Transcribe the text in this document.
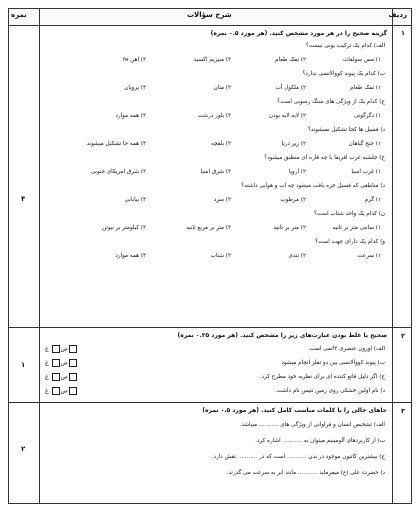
نمره	شرح سؤالات	ردیف
۱
۴
گزینه صحیح را در هر مورد مشخص کنید. (هر مورد ۰.۵ نمره)
الف) کدام یک ترکیب یونی نیست؟
۱) مس سولفات
۲) نمک طعام
۳) منیزیم اکسید
۴) اهن fe
ب) کدام یک پیوند کووالانسی ندارد؟
۱) نمک طعام
۲) ملکول آب
۳) متان
۴) پروپان
ج) کدام یک از ویژگی های سنگ رسوبی است؟
۱) دگرگونی
۲) لایه لایه بودن
۳) بلور درشت
۴) همه موارد
د) فسیل ها کجا تشکیل نمیشوند؟
۱) جنح گیاهان
۲) زیر دریا
۳) بلفچه
۴) همه جا تشکیل میشوند
ح) جلشبه غرب افریقا با چه قاره ای منطبق میشود؟
۱) غرب اسیا
۲) اروپا
۳) شرق اسیا
۴) شرق امریکای جنوبی
د) مناطقی که فسیل خره بافت میشود چه اب و هوایی داشته؟
۱) گرم
۲) مرطوب
۳) سرد
۴) بیابانی
ن) کدام یک واحد شتاب است؟
۱) سانتی متر بر ثانیه
۲) متر بر ثانیه
۳) متر بر مربع ثانیه
۴) کیلومتر بر نیوتن
و) کدام یک دارای جهت است؟
۱) سرعت
۲) تندی
۳) شتاب
۴) همه موارد
۲
۱
صحیح یا غلط بودن عبارت‌های زیر را مشخص کنید. (هر مورد ۰.۲۵ نمره)
الف) اوزون عنصری ۳اتمی است.
ص غ
ب) پیوند کووالانسی بین دو تفلز انجام میشود
ص غ
ج) اگر دلیل قانع کننده ای برای نظریه خود مطرح کرد.
ص غ
د) نام اولین خشکی روی زمین تتیس نام داشت.
ص غ
۳
۲
جاهای خالی را با کلمات مناسب کامل کنید. (هر مورد ۰.۵ نمره)
الف) تشخیص انسان و فراوانی از ویژگی های ........... میباشد.
ب) از کاربردهای آلومینیم میتوان به ........... اشاره کرد.
ج) بیشترین کاتیون موجود در بدن ........... است که در ........... نقش دارد.
د) حضرت علی (ع) میفرماید ........... مانند ابر به سرعت می گذرند.
